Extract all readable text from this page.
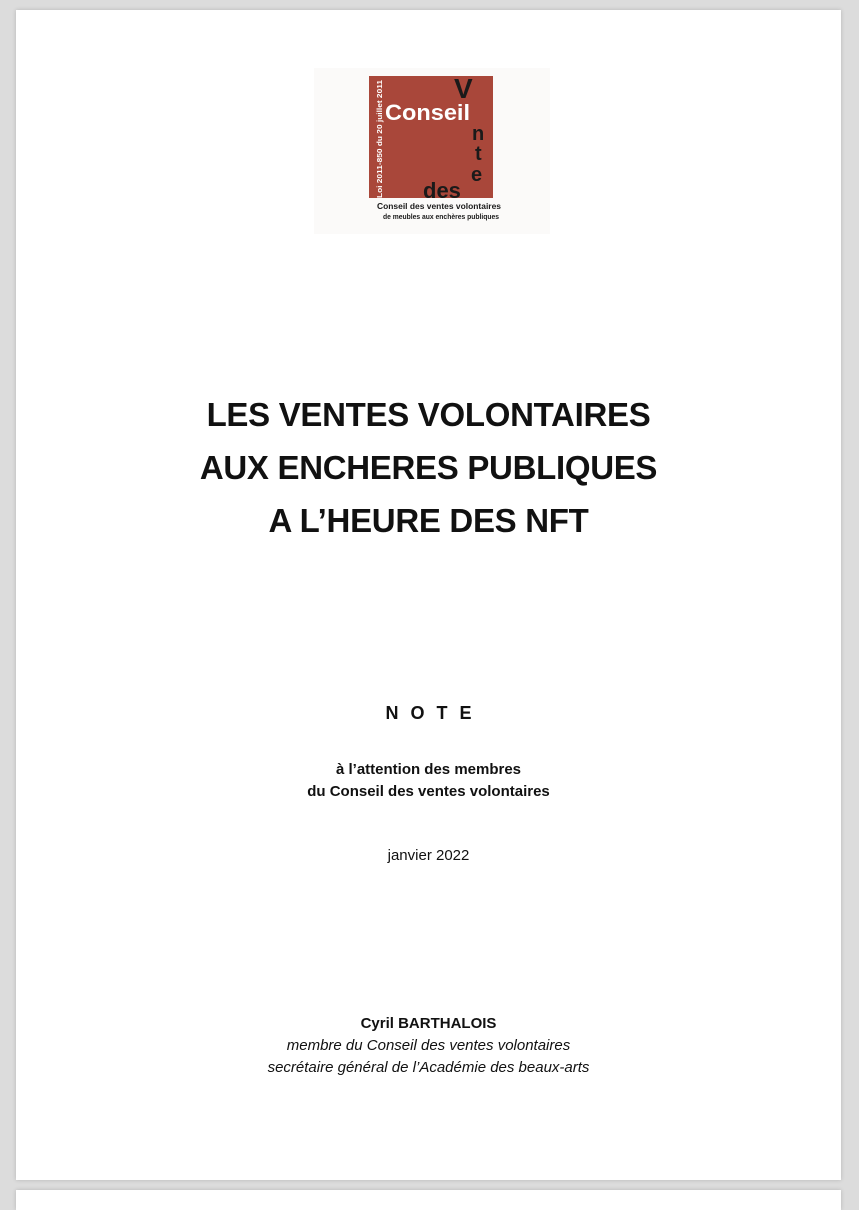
Loi 2011-850 du 20 juillet 2011 Conseil
V
n
t
e
des
Conseil des ventes volontaires
de meubles aux enchères publiques
LES VENTES VOLONTAIRES
AUX ENCHERES PUBLIQUES
A L’HEURE DES NFT
NOTE
à l’attention des membres
du Conseil des ventes volontaires
janvier 2022
Cyril BARTHALOIS
membre du Conseil des ventes volontaires
secrétaire général de l’Académie des beaux-arts
